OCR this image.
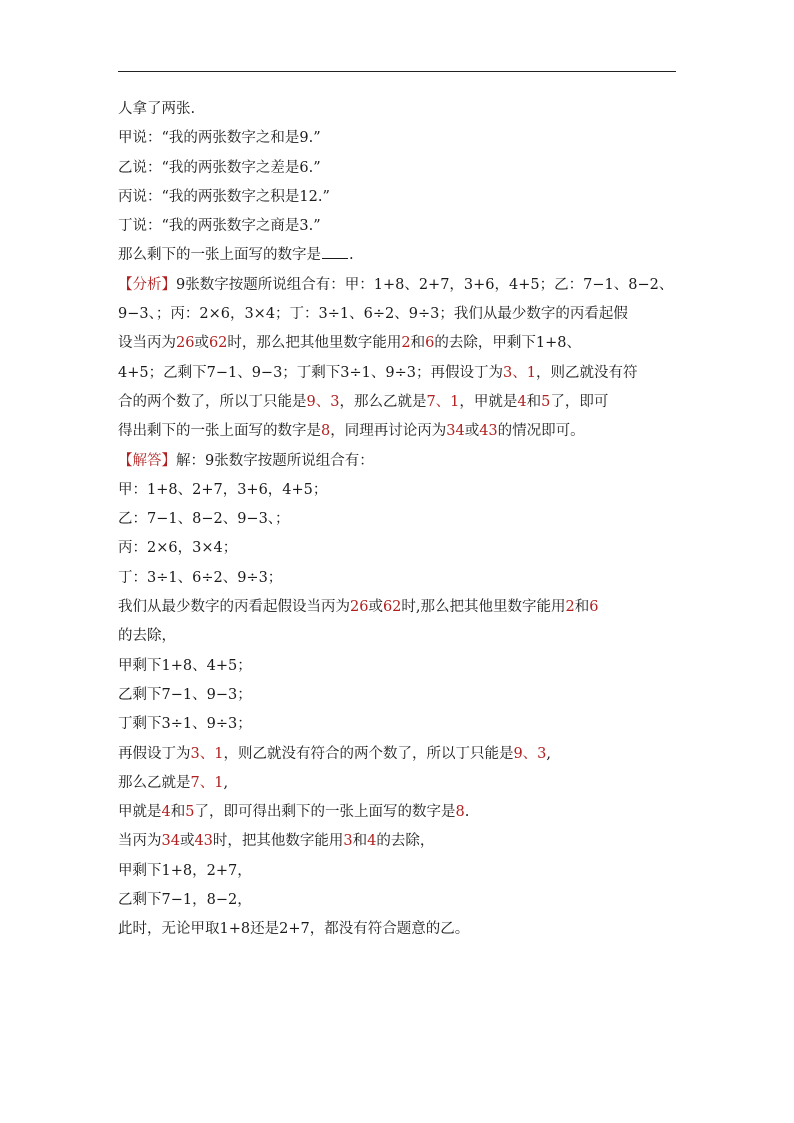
人拿了两张.
甲说：“我的两张数字之和是9.”
乙说：“我的两张数字之差是6.”
丙说：“我的两张数字之积是12.”
丁说：“我的两张数字之商是3.”
那么剩下的一张上面写的数字是 .
【分析】9张数字按题所说组合有：甲：1+8、2+7，3+6，4+5；乙：7−1、8−2、
9−3、；丙：2×6，3×4；丁：3÷1、6÷2、9÷3；我们从最少数字的丙看起假
设当丙为26或62时，那么把其他里数字能用2和6的去除，甲剩下1+8、
4+5；乙剩下7−1、9−3；丁剩下3÷1、9÷3；再假设丁为3、1，则乙就没有符
合的两个数了，所以丁只能是9、3，那么乙就是7、1，甲就是4和5了，即可
得出剩下的一张上面写的数字是8，同理再讨论丙为34或43的情况即可。
【解答】解：9张数字按题所说组合有：
甲：1+8、2+7，3+6，4+5；
乙：7−1、8−2、9−3、；
丙：2×6，3×4；
丁：3÷1、6÷2、9÷3；
我们从最少数字的丙看起假设当丙为26或62时,那么把其他里数字能用2和6
的去除，
甲剩下1+8、4+5；
乙剩下7−1、9−3；
丁剩下3÷1、9÷3；
再假设丁为3、1，则乙就没有符合的两个数了，所以丁只能是9、3,
那么乙就是7、1,
甲就是4和5了，即可得出剩下的一张上面写的数字是8.
当丙为34或43时，把其他数字能用3和4的去除，
甲剩下1+8，2+7，
乙剩下7−1，8−2，
此时，无论甲取1+8还是2+7，都没有符合题意的乙。
